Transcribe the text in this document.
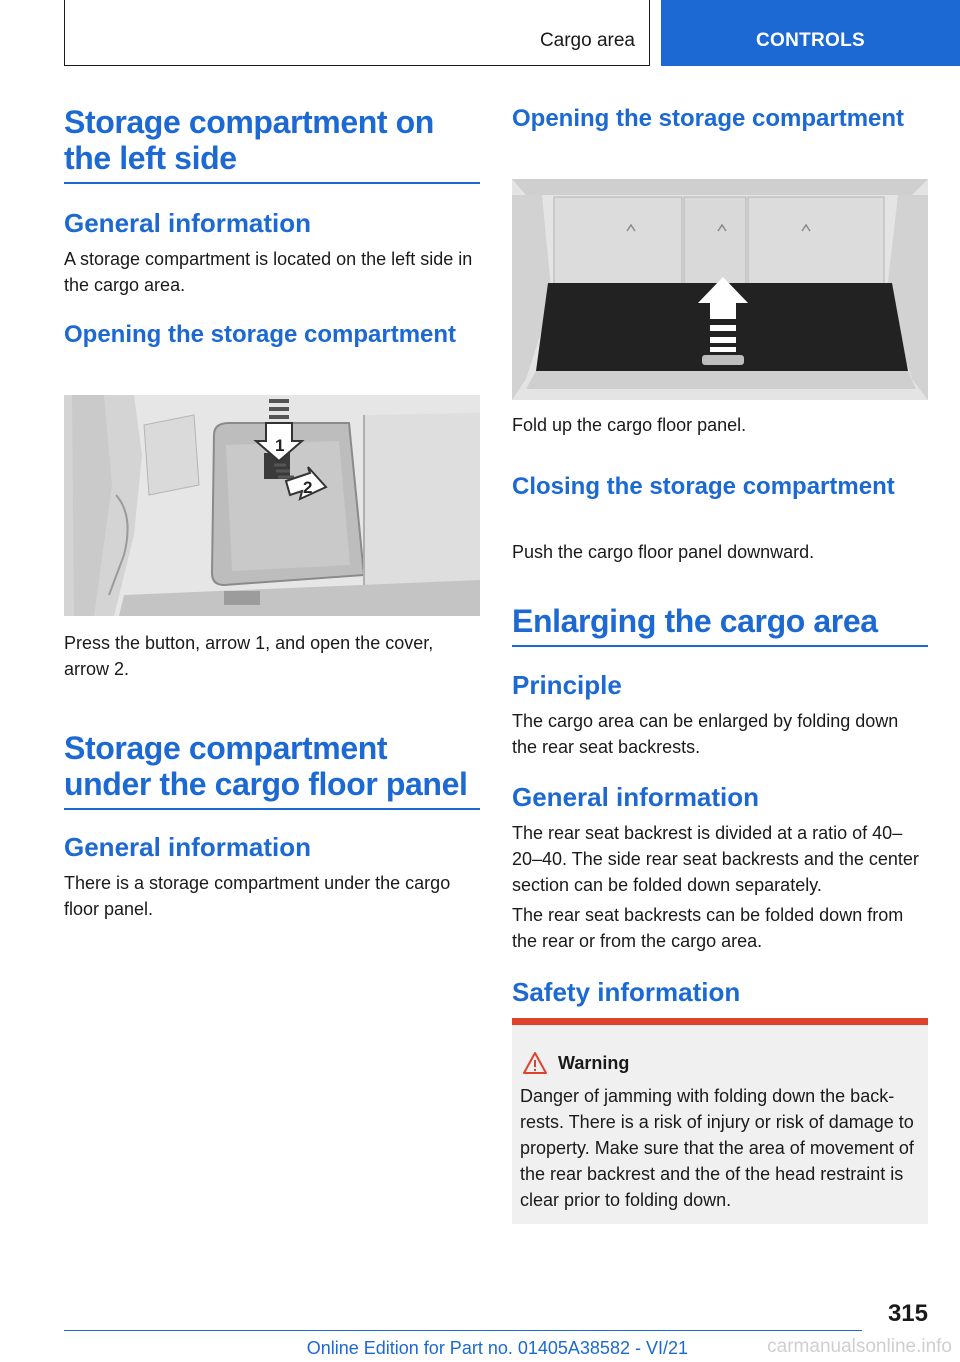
Cargo area	CONTROLS
Storage compartment on the left side
General information
A storage compartment is located on the left side in the cargo area.
Opening the storage compartment
1
2
Press the button, arrow 1, and open the cover, arrow 2.
Storage compartment under the cargo floor panel
General information
There is a storage compartment under the cargo floor panel.
Opening the storage compartment
Fold up the cargo floor panel.
Closing the storage compartment
Push the cargo floor panel downward.
Enlarging the cargo area
Principle
The cargo area can be enlarged by folding down the rear seat backrests.
General information
The rear seat backrest is divided at a ratio of 40–20–40. The side rear seat backrests and the center section can be folded down separately.
The rear seat backrests can be folded down from the rear or from the cargo area.
Safety information
Warning
Danger of jamming with folding down the backrests. There is a risk of injury or risk of damage to property. Make sure that the area of movement of the rear backrest and the of the head restraint is clear prior to folding down.
315
Online Edition for Part no. 01405A38582 - VI/21	carmanualsonline.info
